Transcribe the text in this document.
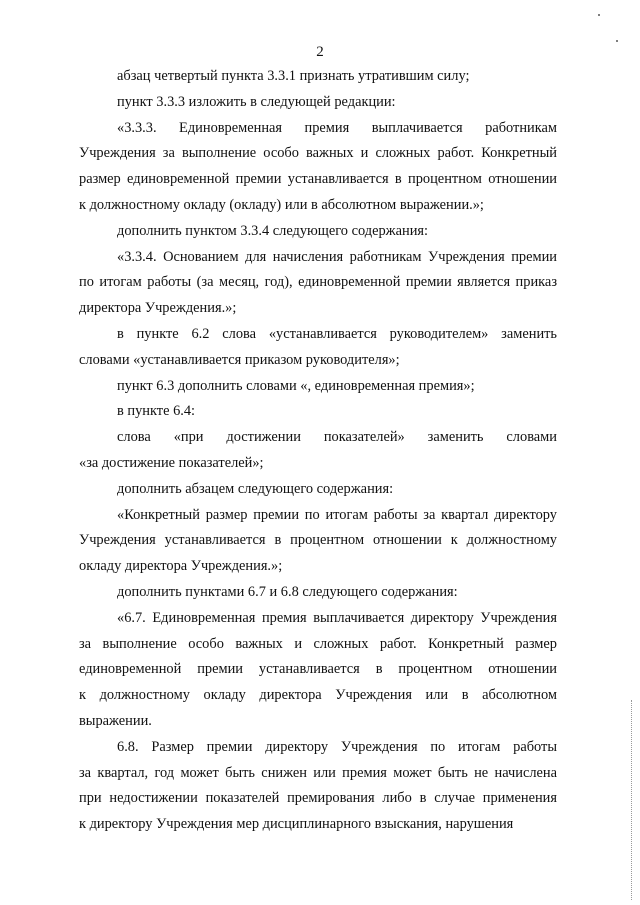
2
абзац четвертый пункта 3.3.1 признать утратившим силу;
пункт 3.3.3 изложить в следующей редакции:
«3.3.3. Единовременная премия выплачивается работникам
Учреждения за выполнение особо важных и сложных работ. Конкретный
размер единовременной премии устанавливается в процентном отношении
к должностному окладу (окладу) или в абсолютном выражении.»;
дополнить пунктом 3.3.4 следующего содержания:
«3.3.4. Основанием для начисления работникам Учреждения премии
по итогам работы (за месяц, год), единовременной премии является приказ
директора Учреждения.»;
в пункте 6.2 слова «устанавливается руководителем» заменить
словами «устанавливается приказом руководителя»;
пункт 6.3 дополнить словами «, единовременная премия»;
в пункте 6.4:
слова «при достижении показателей» заменить словами
«за достижение показателей»;
дополнить абзацем следующего содержания:
«Конкретный размер премии по итогам работы за квартал директору
Учреждения устанавливается в процентном отношении к должностному
окладу директора Учреждения.»;
дополнить пунктами 6.7 и 6.8 следующего содержания:
«6.7. Единовременная премия выплачивается директору Учреждения
за выполнение особо важных и сложных работ. Конкретный размер
единовременной премии устанавливается в процентном отношении
к должностному окладу директора Учреждения или в абсолютном
выражении.
6.8. Размер премии директору Учреждения по итогам работы
за квартал, год может быть снижен или премия может быть не начислена
при недостижении показателей премирования либо в случае применения
к директору Учреждения мер дисциплинарного взыскания, нарушения
